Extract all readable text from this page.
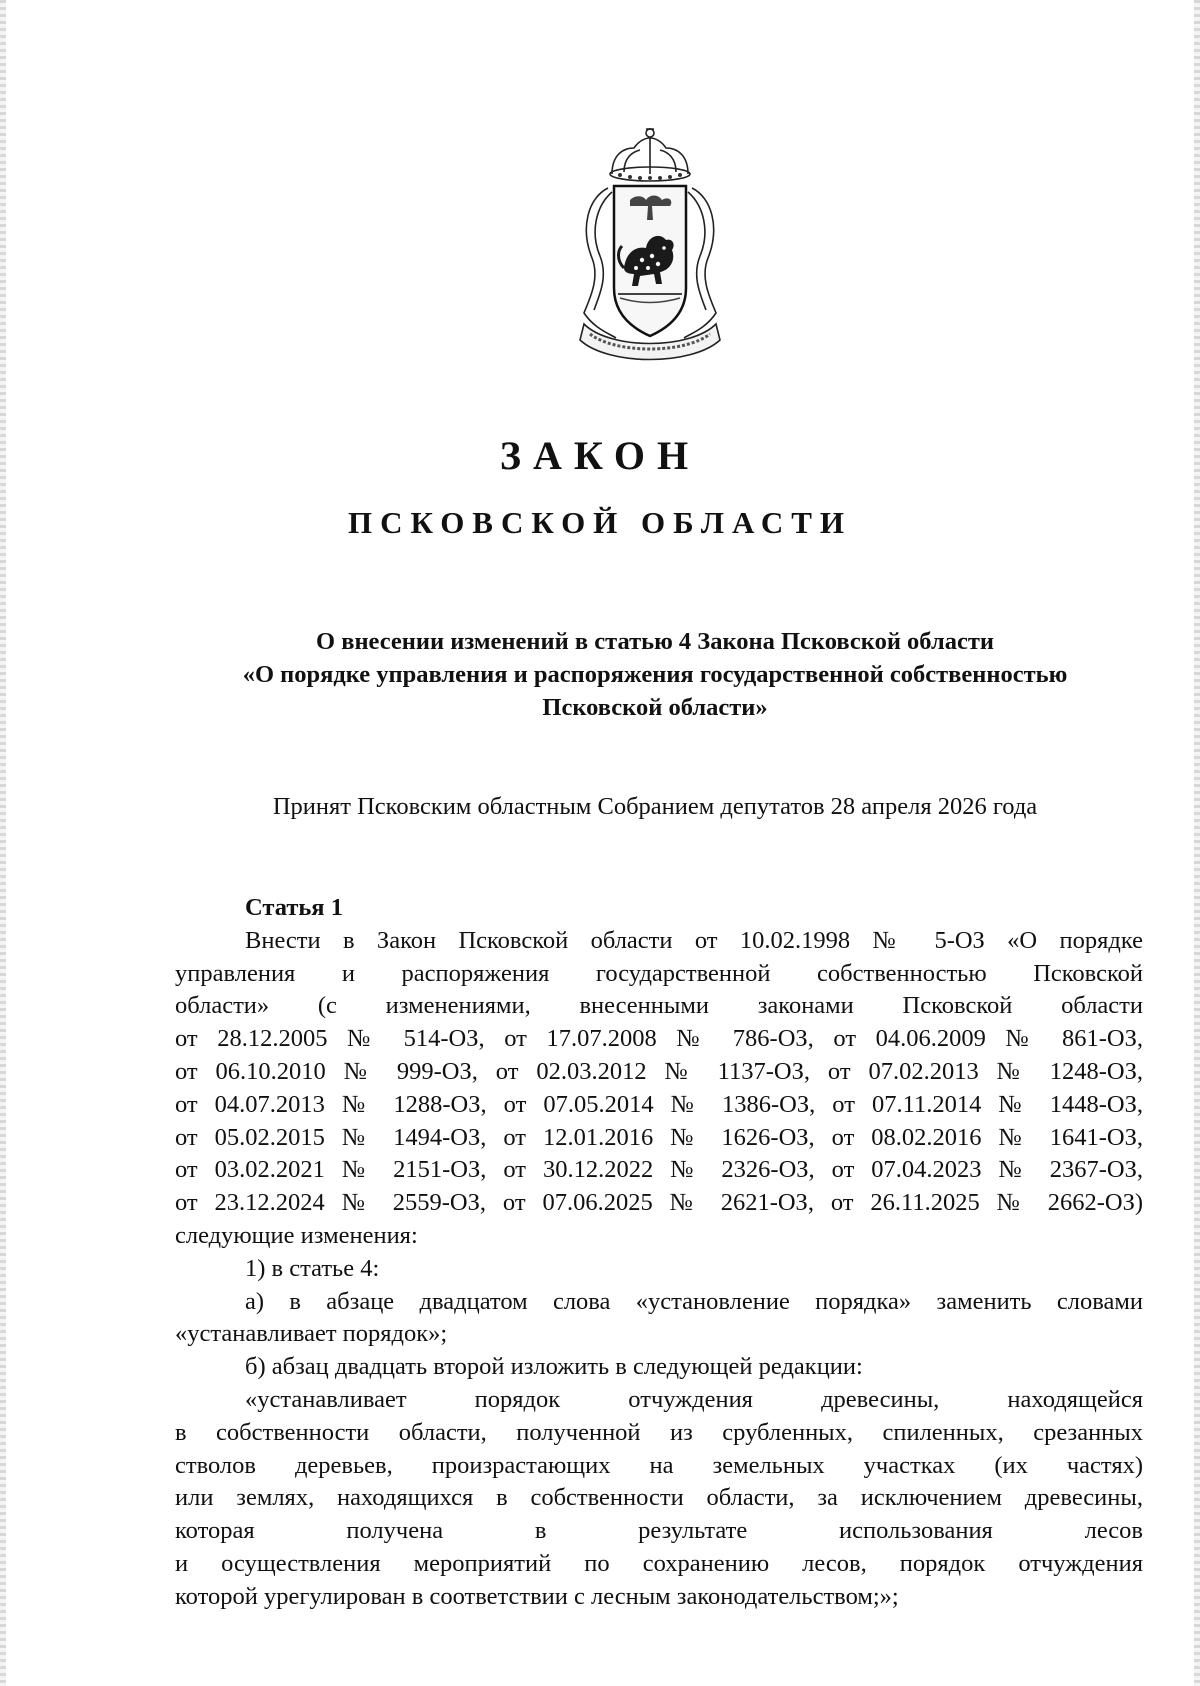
ЗАКОН
ПСКОВСКОЙ ОБЛАСТИ
О внесении изменений в статью 4 Закона Псковской области
«О порядке управления и распоряжения государственной собственностью
Псковской области»
Принят Псковским областным Собранием депутатов 28 апреля 2026 года
Статья 1
Внести в Закон Псковской области от 10.02.1998 № 5-ОЗ «О порядке
управления и распоряжения государственной собственностью Псковской
области» (с изменениями, внесенными законами Псковской области
от 28.12.2005 № 514-ОЗ, от 17.07.2008 № 786-ОЗ, от 04.06.2009 № 861-ОЗ,
от 06.10.2010 № 999-ОЗ, от 02.03.2012 № 1137-ОЗ, от 07.02.2013 № 1248-ОЗ,
от 04.07.2013 № 1288-ОЗ, от 07.05.2014 № 1386-ОЗ, от 07.11.2014 № 1448-ОЗ,
от 05.02.2015 № 1494-ОЗ, от 12.01.2016 № 1626-ОЗ, от 08.02.2016 № 1641-ОЗ,
от 03.02.2021 № 2151-ОЗ, от 30.12.2022 № 2326-ОЗ, от 07.04.2023 № 2367-ОЗ,
от 23.12.2024 № 2559-ОЗ, от 07.06.2025 № 2621-ОЗ, от 26.11.2025 № 2662-ОЗ)
следующие изменения:
1) в статье 4:
а) в абзаце двадцатом слова «установление порядка» заменить словами
«устанавливает порядок»;
б) абзац двадцать второй изложить в следующей редакции:
«устанавливает порядок отчуждения древесины, находящейся
в собственности области, полученной из срубленных, спиленных, срезанных
стволов деревьев, произрастающих на земельных участках (их частях)
или землях, находящихся в собственности области, за исключением древесины,
которая получена в результате использования лесов
и осуществления мероприятий по сохранению лесов, порядок отчуждения
которой урегулирован в соответствии с лесным законодательством;»;
